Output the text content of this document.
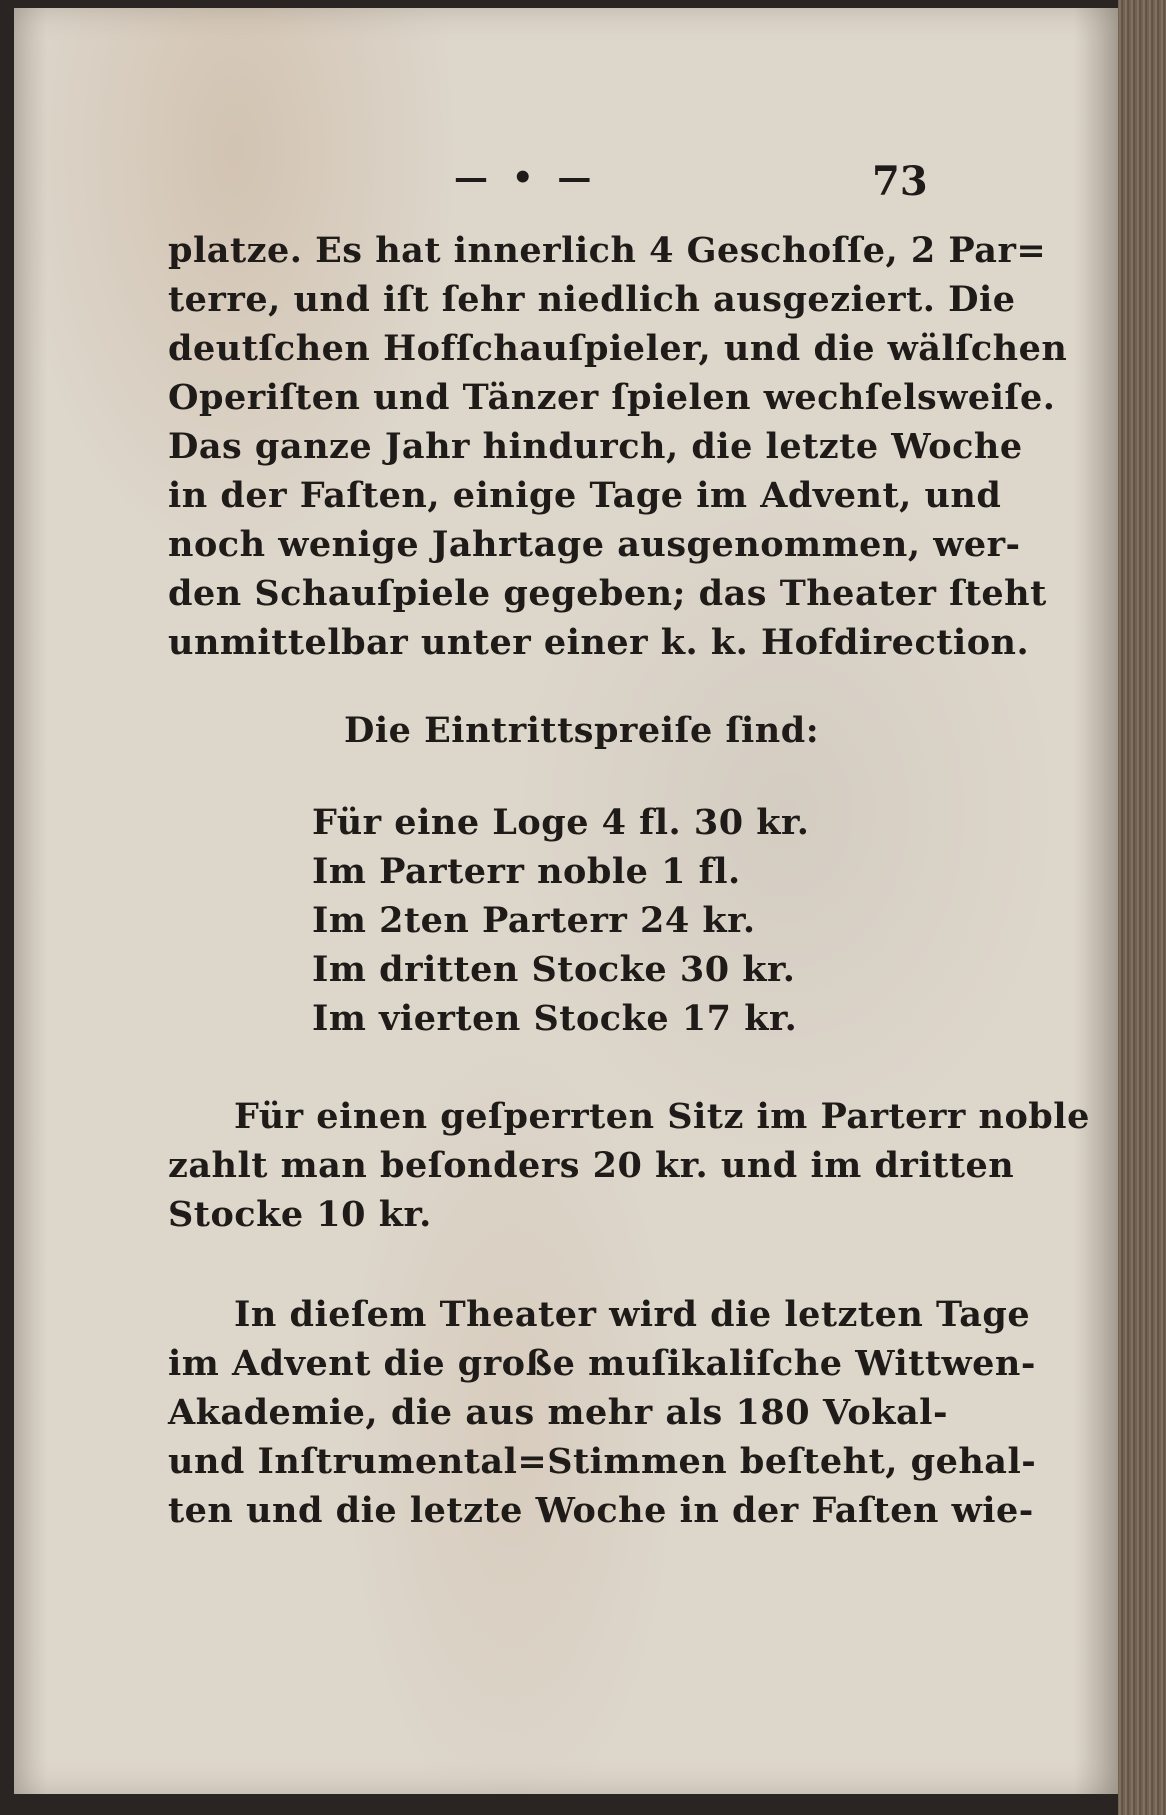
— • —	73
platze. Es hat innerlich 4 Geschoſſe, 2 Par=
terre, und iſt ſehr niedlich ausgeziert. Die
deutſchen Hofſchauſpieler, und die wälſchen
Operiſten und Tänzer ſpielen wechſelsweiſe.
Das ganze Jahr hindurch, die letzte Woche
in der Faſten, einige Tage im Advent, und
noch wenige Jahrtage ausgenommen, wer-
den Schauſpiele gegeben; das Theater ſteht
unmittelbar unter einer k. k. Hofdirection.
Die Eintrittspreiſe ſind:
Für eine Loge 4 fl. 30 kr.
Im Parterr noble 1 fl.
Im 2ten Parterr 24 kr.
Im dritten Stocke 30 kr.
Im vierten Stocke 17 kr.
Für einen geſperrten Sitz im Parterr noble
zahlt man beſonders 20 kr. und im dritten
Stocke 10 kr.
In dieſem Theater wird die letzten Tage
im Advent die große muſikaliſche Wittwen-
Akademie, die aus mehr als 180 Vokal-
und Inſtrumental=Stimmen beſteht, gehal-
ten und die letzte Woche in der Faſten wie-
